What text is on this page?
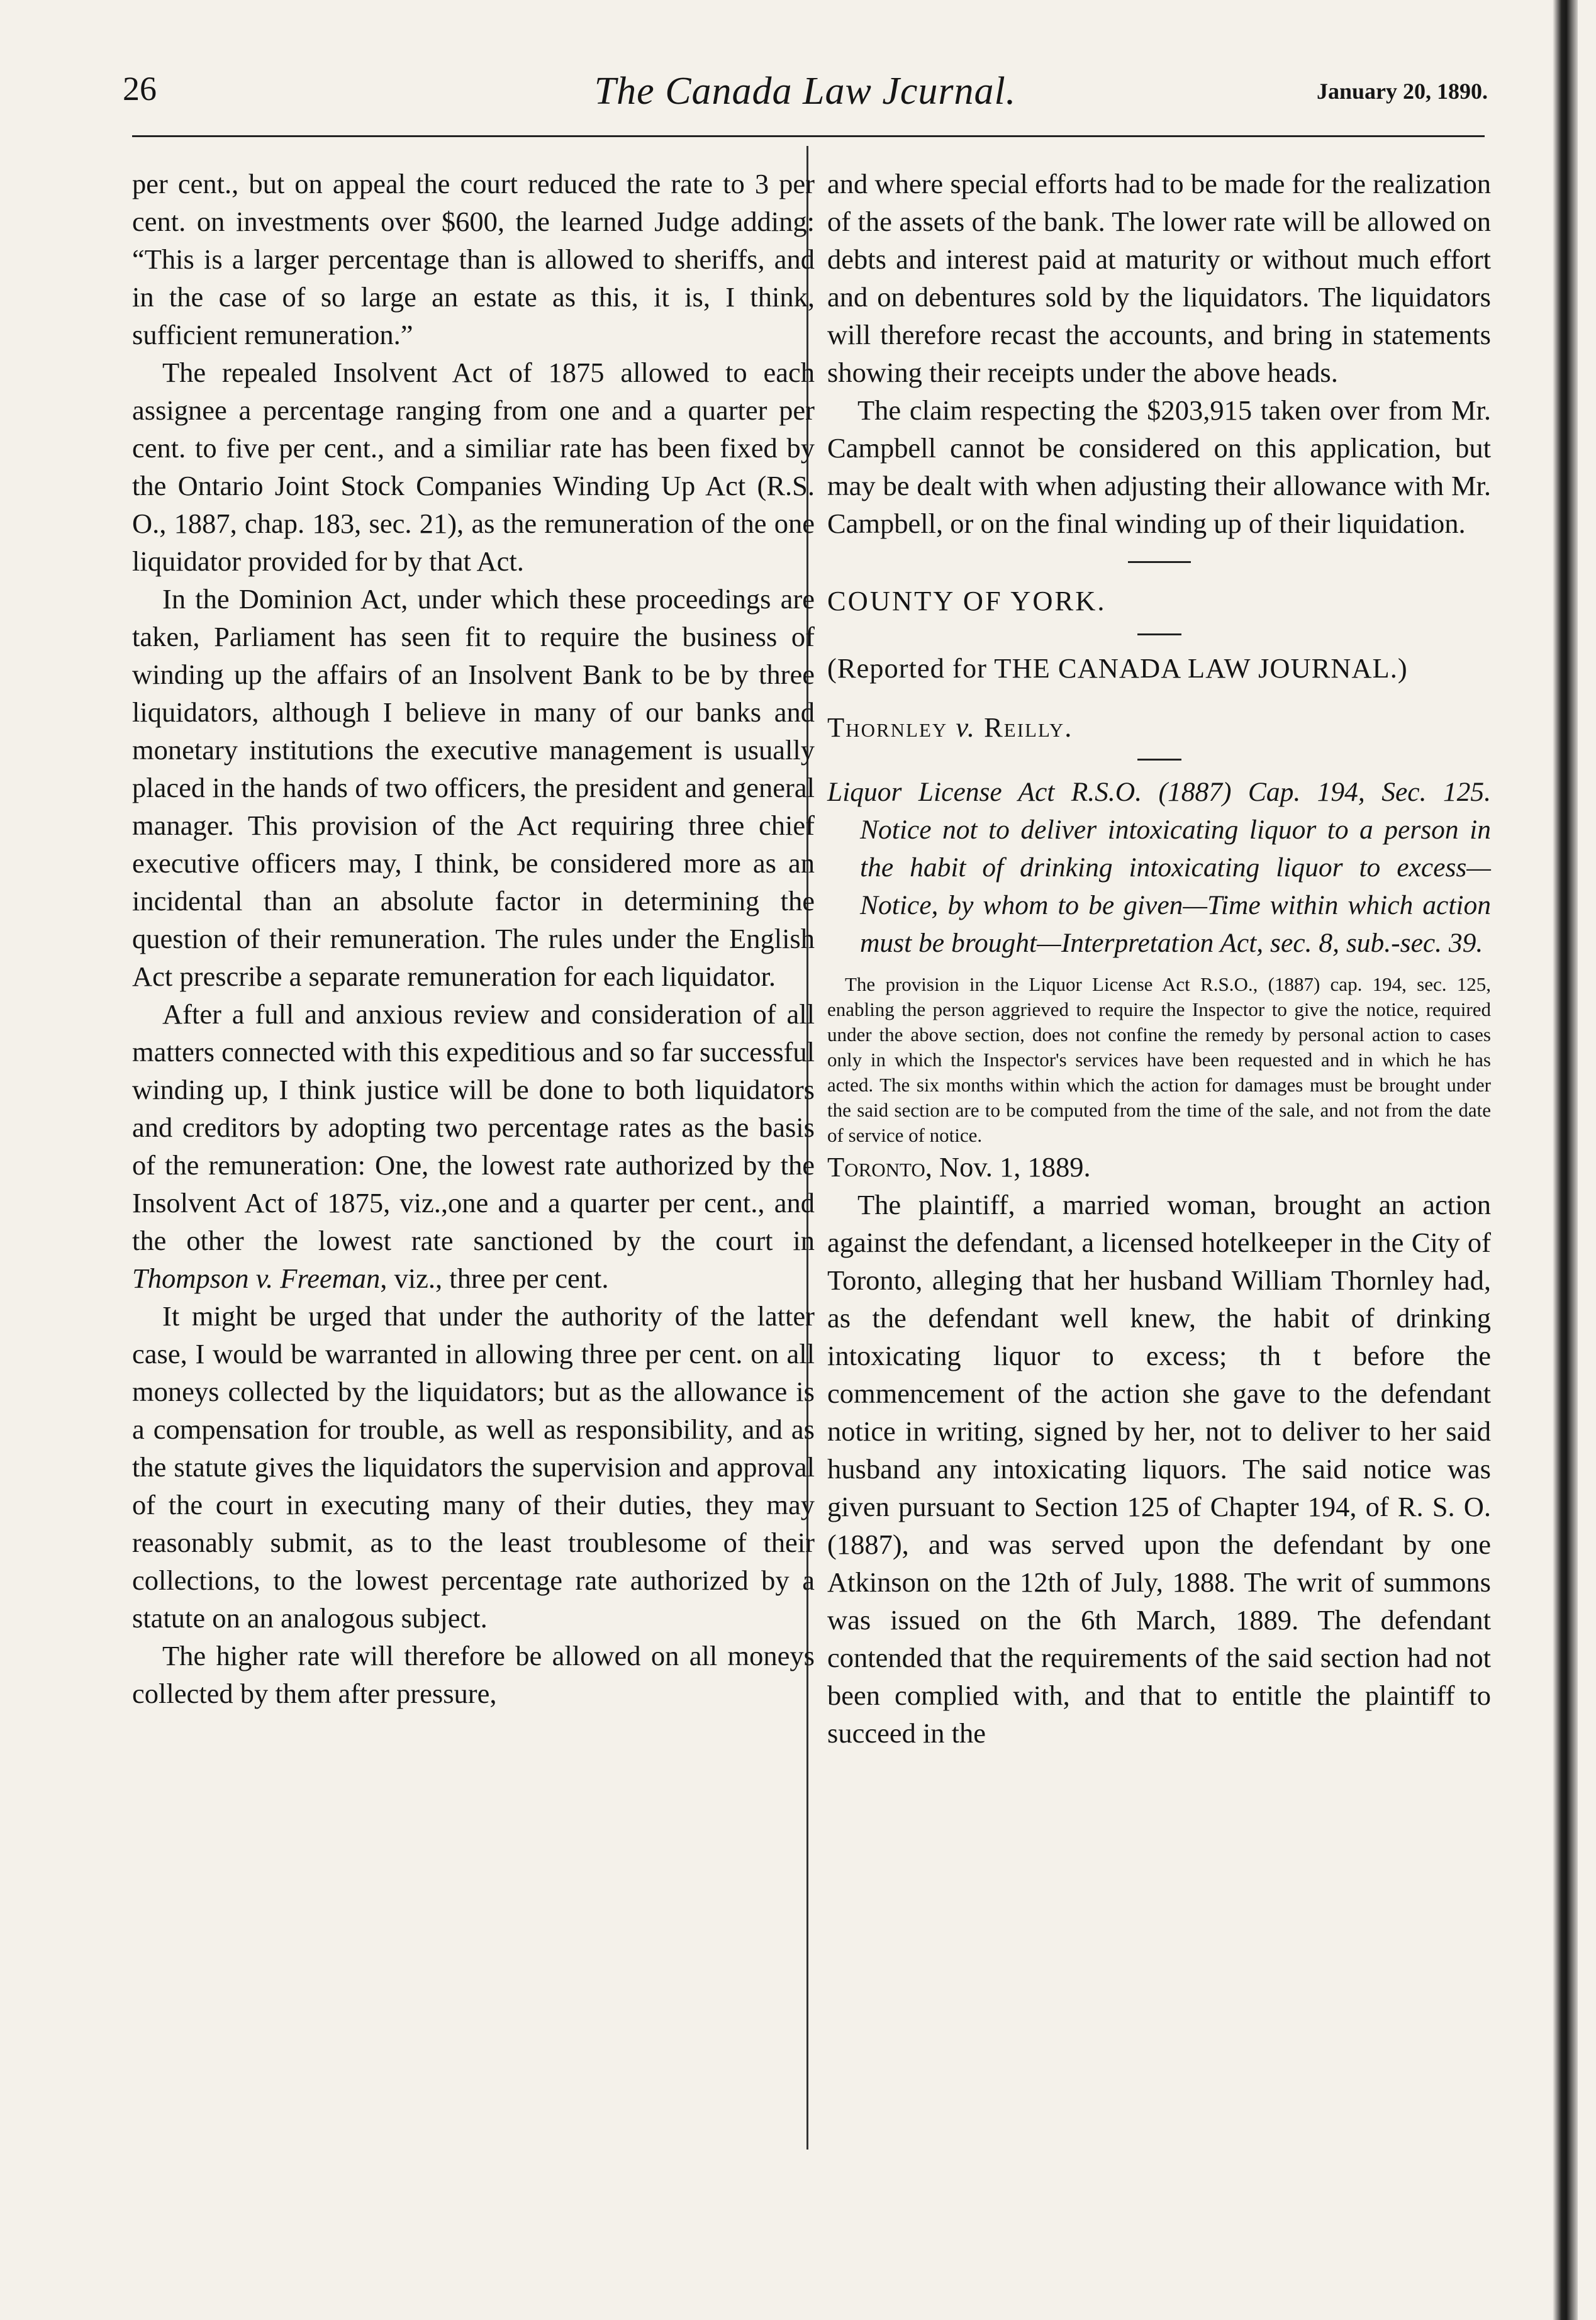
26	The Canada Law Jcurnal.	January 20, 1890.

per cent., but on appeal the court reduced the rate to 3 per cent. on investments over $600, the learned Judge adding: “This is a larger percentage than is allowed to sheriffs, and in the case of so large an estate as this, it is, I think, sufficient remuneration.”

The repealed Insolvent Act of 1875 allowed to each assignee a percentage ranging from one and a quarter per cent. to five per cent., and a similiar rate has been fixed by the Ontario Joint Stock Companies Winding Up Act (R.S. O., 1887, chap. 183, sec. 21), as the remuneration of the one liquidator provided for by that Act.

In the Dominion Act, under which these proceedings are taken, Parliament has seen fit to require the business of winding up the affairs of an Insolvent Bank to be by three liquidators, although I believe in many of our banks and monetary institutions the executive management is usually placed in the hands of two officers, the president and general manager. This provision of the Act requiring three chief executive officers may, I think, be considered more as an incidental than an absolute factor in determining the question of their remuneration. The rules under the English Act prescribe a separate remuneration for each liquidator.

After a full and anxious review and consideration of all matters connected with this expeditious and so far successful winding up, I think justice will be done to both liquidators and creditors by adopting two percentage rates as the basis of the remuneration: One, the lowest rate authorized by the Insolvent Act of 1875, viz.,one and a quarter per cent., and the other the lowest rate sanctioned by the court in Thompson v. Freeman, viz., three per cent.

It might be urged that under the authority of the latter case, I would be warranted in allowing three per cent. on all moneys collected by the liquidators; but as the allowance is a compensation for trouble, as well as responsibility, and as the statute gives the liquidators the supervision and approval of the court in executing many of their duties, they may reasonably submit, as to the least troublesome of their collections, to the lowest percentage rate authorized by a statute on an analogous subject.

The higher rate will therefore be allowed on all moneys collected by them after pressure,

and where special efforts had to be made for the realization of the assets of the bank. The lower rate will be allowed on debts and interest paid at maturity or without much effort and on debentures sold by the liquidators. The liquidators will therefore recast the accounts, and bring in statements showing their receipts under the above heads.

The claim respecting the $203,915 taken over from Mr. Campbell cannot be considered on this application, but may be dealt with when adjusting their allowance with Mr. Campbell, or on the final winding up of their liquidation.

COUNTY OF YORK.

(Reported for THE CANADA LAW JOURNAL.)

Thornley v. Reilly.

Liquor License Act R.S.O. (1887) Cap. 194, Sec. 125. Notice not to deliver intoxicating liquor to a person in the habit of drinking intoxicating liquor to excess—Notice, by whom to be given—Time within which action must be brought—Interpretation Act, sec. 8, sub.-sec. 39.

The provision in the Liquor License Act R.S.O., (1887) cap. 194, sec. 125, enabling the person aggrieved to require the Inspector to give the notice, required under the above section, does not confine the remedy by personal action to cases only in which the Inspector's services have been requested and in which he has acted. The six months within which the action for damages must be brought under the said section are to be computed from the time of the sale, and not from the date of service of notice.

Toronto, Nov. 1, 1889.

The plaintiff, a married woman, brought an action against the defendant, a licensed hotelkeeper in the City of Toronto, alleging that her husband William Thornley had, as the defendant well knew, the habit of drinking intoxicating liquor to excess; th t before the commencement of the action she gave to the defendant notice in writing, signed by her, not to deliver to her said husband any intoxicating liquors. The said notice was given pursuant to Section 125 of Chapter 194, of R. S. O. (1887), and was served upon the defendant by one Atkinson on the 12th of July, 1888. The writ of summons was issued on the 6th March, 1889. The defendant contended that the requirements of the said section had not been complied with, and that to entitle the plaintiff to succeed in the
